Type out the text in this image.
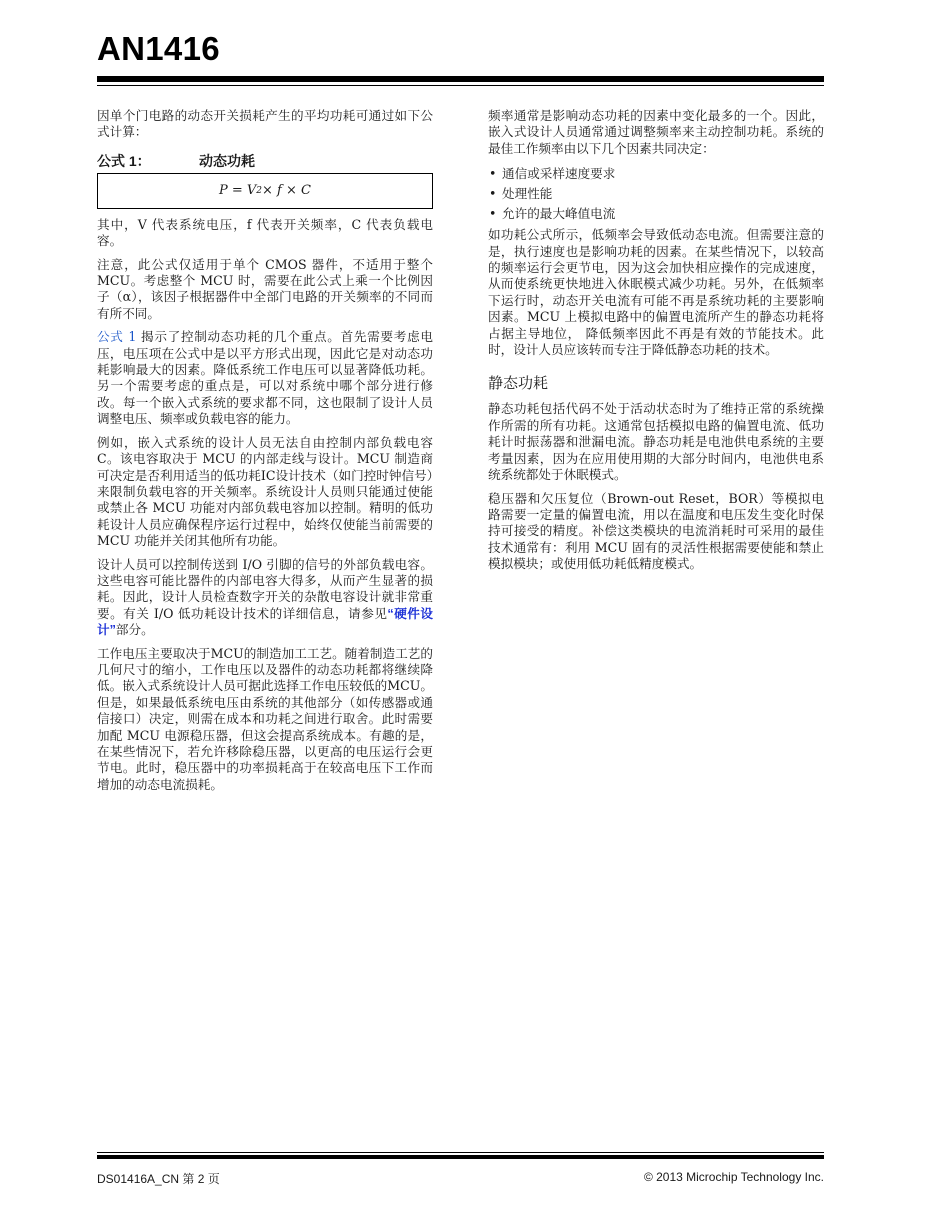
AN1416

因单个门电路的动态开关损耗产生的平均功耗可通过如下公式计算：

公式 1：	动态功耗
P = V 2 × f × C

其中，V 代表系统电压，f 代表开关频率，C 代表负载电容。

注意，此公式仅适用于单个 CMOS 器件，不适用于整个 MCU。考虑整个 MCU 时，需要在此公式上乘一个比例因子（α），该因子根据器件中全部门电路的开关频率的不同而有所不同。

公式 1 揭示了控制动态功耗的几个重点。首先需要考虑电压，电压项在公式中是以平方形式出现，因此它是对动态功耗影响最大的因素。降低系统工作电压可以显著降低功耗。另一个需要考虑的重点是，可以对系统中哪个部分进行修改。每一个嵌入式系统的要求都不同，这也限制了设计人员调整电压、频率或负载电容的能力。

例如，嵌入式系统的设计人员无法自由控制内部负载电容 C。该电容取决于 MCU 的内部走线与设计。MCU 制造商可决定是否利用适当的低功耗IC设计技术（如门控时钟信号）来限制负载电容的开关频率。系统设计人员则只能通过使能或禁止各 MCU 功能对内部负载电容加以控制。精明的低功耗设计人员应确保程序运行过程中，始终仅使能当前需要的 MCU 功能并关闭其他所有功能。

设计人员可以控制传送到 I/O 引脚的信号的外部负载电容。这些电容可能比器件的内部电容大得多，从而产生显著的损耗。因此，设计人员检查数字开关的杂散电容设计就非常重要。有关 I/O 低功耗设计技术的详细信息，请参见“硬件设计”部分。

工作电压主要取决于MCU的制造加工工艺。随着制造工艺的几何尺寸的缩小，工作电压以及器件的动态功耗都将继续降低。嵌入式系统设计人员可据此选择工作电压较低的MCU。但是，如果最低系统电压由系统的其他部分（如传感器或通信接口）决定，则需在成本和功耗之间进行取舍。此时需要加配 MCU 电源稳压器，但这会提高系统成本。有趣的是，在某些情况下，若允许移除稳压器，以更高的电压运行会更节电。此时，稳压器中的功率损耗高于在较高电压下工作而增加的动态电流损耗。

频率通常是影响动态功耗的因素中变化最多的一个。因此，嵌入式设计人员通常通过调整频率来主动控制功耗。系统的最佳工作频率由以下几个因素共同决定：

• 通信或采样速度要求
• 处理性能
• 允许的最大峰值电流

如功耗公式所示，低频率会导致低动态电流。但需要注意的是，执行速度也是影响功耗的因素。在某些情况下，以较高的频率运行会更节电，因为这会加快相应操作的完成速度，从而使系统更快地进入休眠模式减少功耗。另外，在低频率下运行时，动态开关电流有可能不再是系统功耗的主要影响因素。MCU 上模拟电路中的偏置电流所产生的静态功耗将占据主导地位， 降低频率因此不再是有效的节能技术。此时，设计人员应该转而专注于降低静态功耗的技术。

静态功耗

静态功耗包括代码不处于活动状态时为了维持正常的系统操作所需的所有功耗。这通常包括模拟电路的偏置电流、低功耗计时振荡器和泄漏电流。静态功耗是电池供电系统的主要考量因素，因为在应用使用期的大部分时间内，电池供电系统系统都处于休眠模式。

稳压器和欠压复位（Brown-out Reset，BOR）等模拟电路需要一定量的偏置电流，用以在温度和电压发生变化时保持可接受的精度。补偿这类模块的电流消耗时可采用的最佳技术通常有：利用 MCU 固有的灵活性根据需要使能和禁止模拟模块；或使用低功耗低精度模式。

DS01416A_CN 第 2 页	© 2013 Microchip Technology Inc.
